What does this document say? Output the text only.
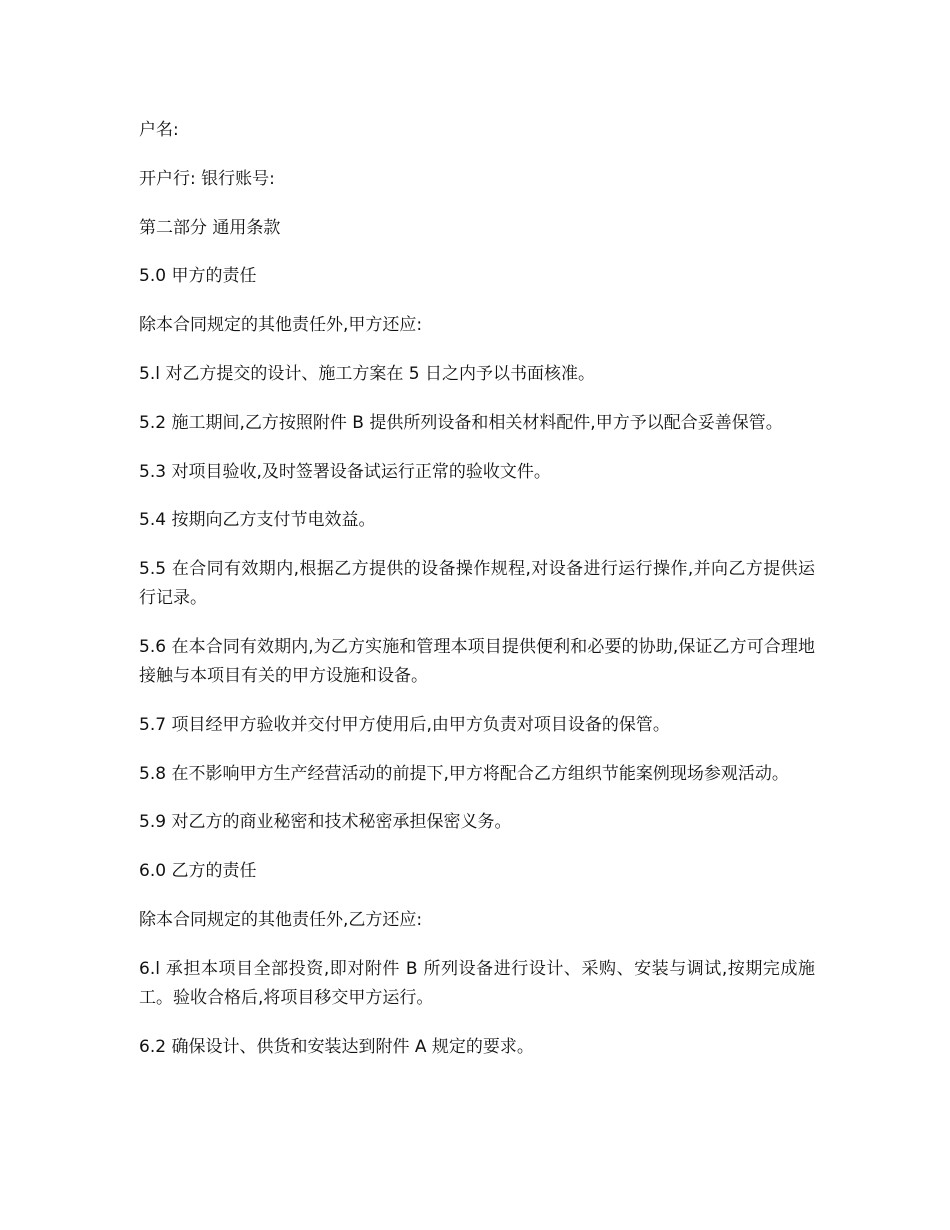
户名:

开户行: 银行账号:

第二部分 通用条款

5.0 甲方的责任

除本合同规定的其他责任外,甲方还应:

5.l 对乙方提交的设计、施工方案在 5 日之内予以书面核准。

5.2 施工期间,乙方按照附件 B 提供所列设备和相关材料配件,甲方予以配合妥善保管。

5.3 对项目验收,及时签署设备试运行正常的验收文件。

5.4 按期向乙方支付节电效益。

5.5 在合同有效期内,根据乙方提供的设备操作规程,对设备进行运行操作,并向乙方提供运行记录。

5.6 在本合同有效期内,为乙方实施和管理本项目提供便利和必要的协助,保证乙方可合理地接触与本项目有关的甲方设施和设备。

5.7 项目经甲方验收并交付甲方使用后,由甲方负责对项目设备的保管。

5.8 在不影响甲方生产经营活动的前提下,甲方将配合乙方组织节能案例现场参观活动。

5.9 对乙方的商业秘密和技术秘密承担保密义务。

6.0 乙方的责任

除本合同规定的其他责任外,乙方还应:

6.l 承担本项目全部投资,即对附件 B 所列设备进行设计、采购、安装与调试,按期完成施工。验收合格后,将项目移交甲方运行。

6.2 确保设计、供货和安装达到附件 A 规定的要求。
